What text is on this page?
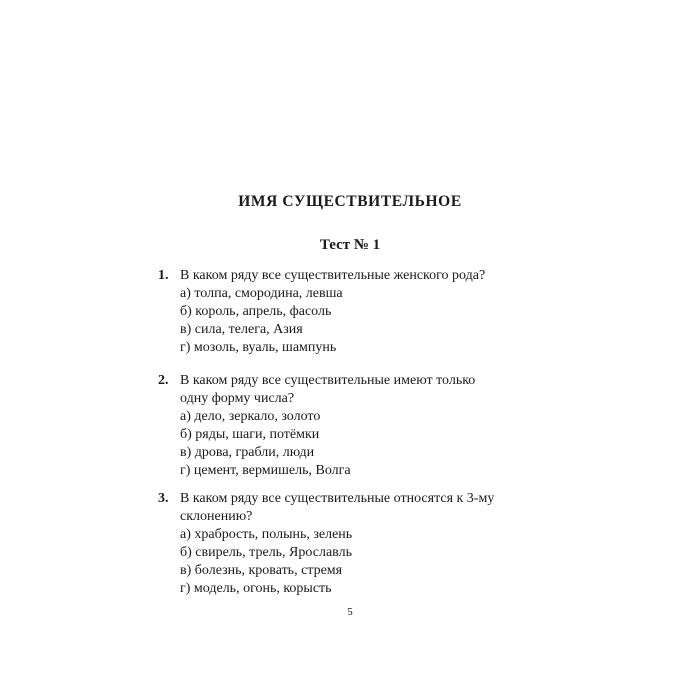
ИМЯ СУЩЕСТВИТЕЛЬНОЕ
Тест № 1
1. В каком ряду все существительные женского рода?
а) толпа, смородина, левша
б) король, апрель, фасоль
в) сила, телега, Азия
г) мозоль, вуаль, шампунь
2. В каком ряду все существительные имеют только
одну форму числа?
а) дело, зеркало, золото
б) ряды, шаги, потёмки
в) дрова, грабли, люди
г) цемент, вермишель, Волга
3. В каком ряду все существительные относятся к 3-му
склонению?
а) храбрость, полынь, зелень
б) свирель, трель, Ярославль
в) болезнь, кровать, стремя
г) модель, огонь, корысть
5
